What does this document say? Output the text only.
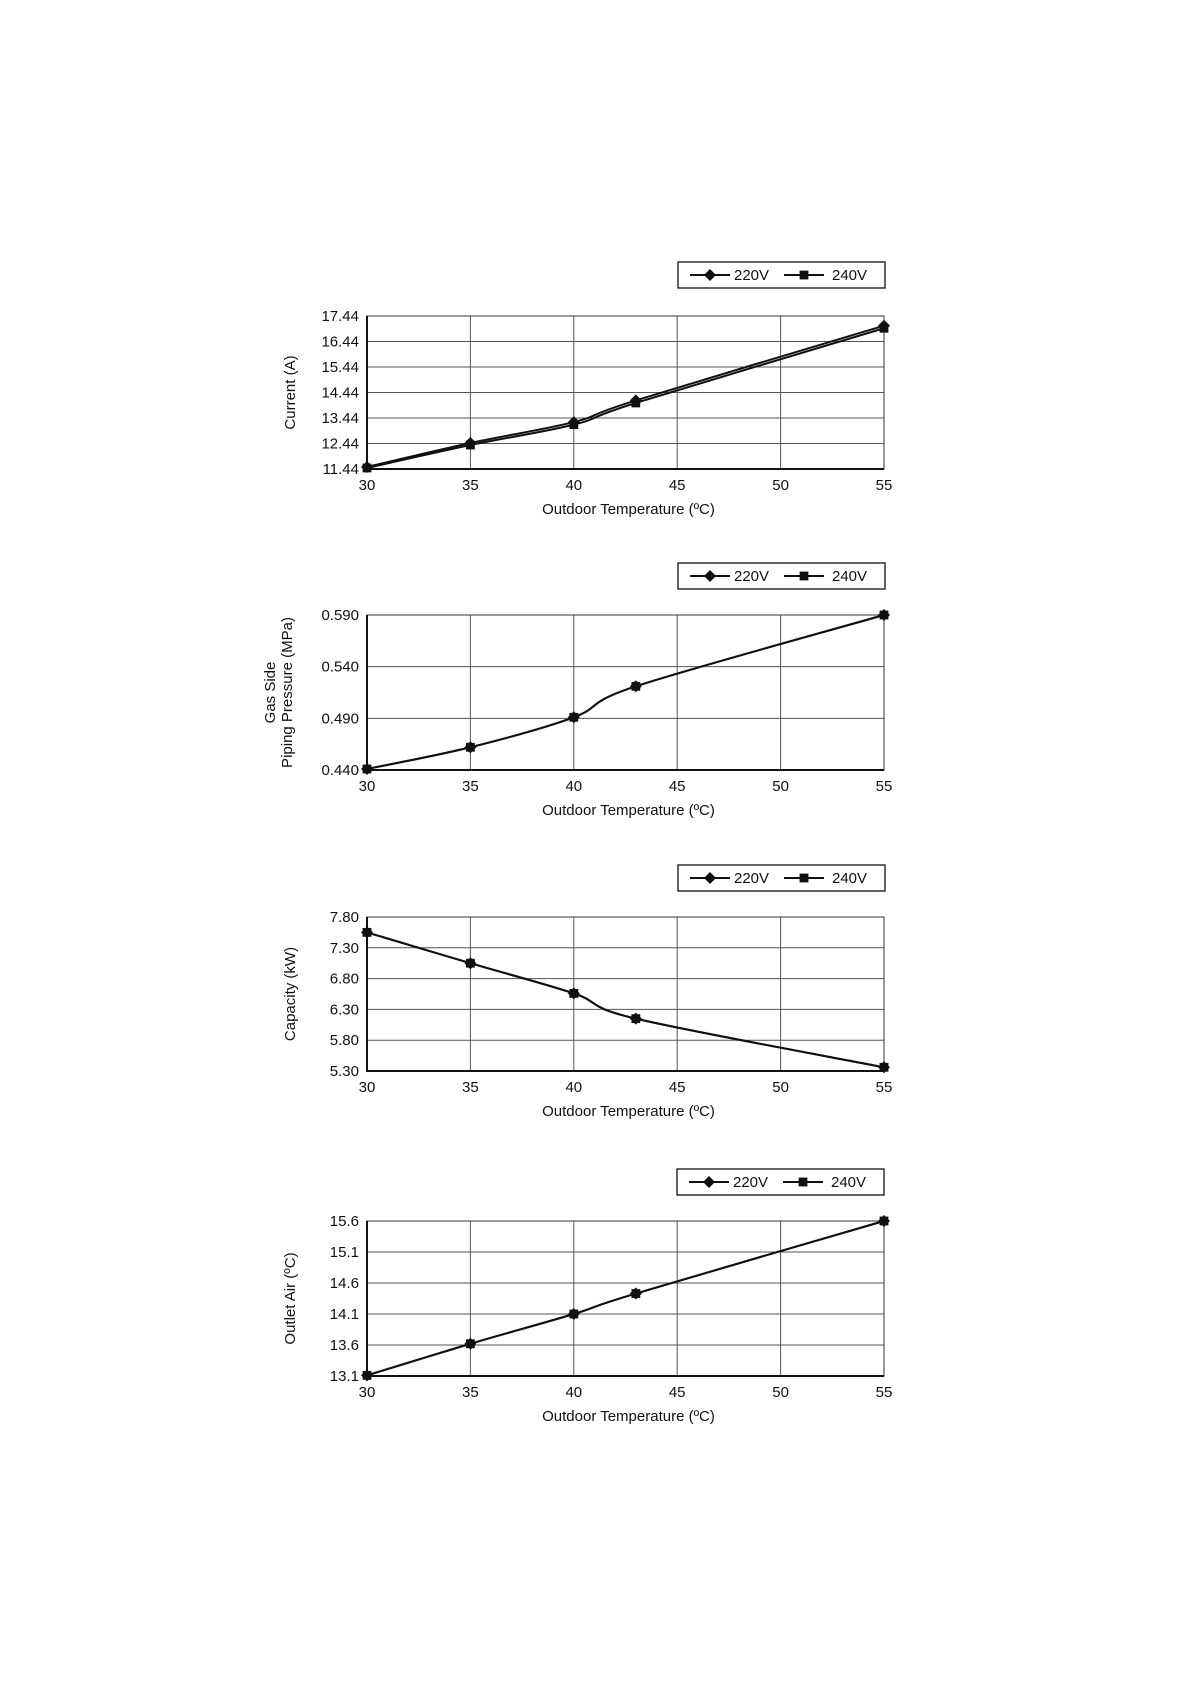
30	35	40	45	50	55
11.44
12.44
13.44
14.44
15.44
16.44
17.44
Outdoor Temperature (ºC)
Current (A)
220V	240V
30	35	40	45	50	55
0.440
0.490
0.540
0.590
Outdoor Temperature (ºC)
Gas SidePiping Pressure (MPa)
220V	240V
30	35	40	45	50	55
5.30
5.80
6.30
6.80
7.30
7.80
Outdoor Temperature (ºC)
Capacity (kW)
220V	240V
30	35	40	45	50	55
13.1
13.6
14.1
14.6
15.1
15.6
Outdoor Temperature (ºC)
Outlet Air (ºC)
220V	240V
